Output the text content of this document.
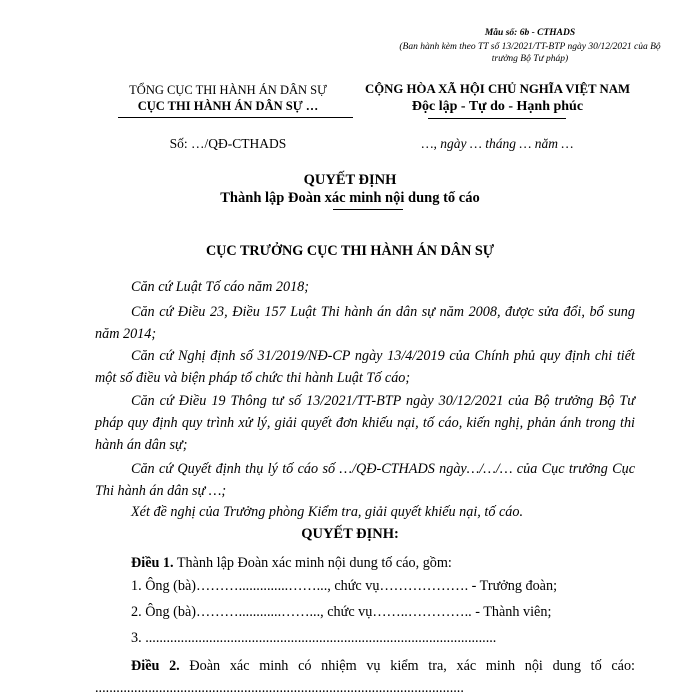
Mẫu số: 6b - CTHADS
(Ban hành kèm theo TT số 13/2021/TT-BTP ngày 30/12/2021 của Bộ trưởng Bộ Tư pháp)
TỔNG CỤC THI HÀNH ÁN DÂN SỰ
CỤC THI HÀNH ÁN DÂN SỰ …
CỘNG HÒA XÃ HỘI CHỦ NGHĨA VIỆT NAM
Độc lập - Tự do - Hạnh phúc
Số: …/QĐ-CTHADS	…, ngày … tháng … năm …
QUYẾT ĐỊNH
Thành lập Đoàn xác minh nội dung tố cáo
CỤC TRƯỞNG CỤC THI HÀNH ÁN DÂN SỰ
Căn cứ Luật Tố cáo năm 2018;
Căn cứ Điều 23, Điều 157 Luật Thi hành án dân sự năm 2008, được sửa đổi, bổ sung năm 2014;
Căn cứ Nghị định số 31/2019/NĐ-CP ngày 13/4/2019 của Chính phủ quy định chi tiết một số điều và biện pháp tổ chức thi hành Luật Tố cáo;
Căn cứ Điều 19 Thông tư số 13/2021/TT-BTP ngày 30/12/2021 của Bộ trưởng Bộ Tư pháp quy định quy trình xử lý, giải quyết đơn khiếu nại, tố cáo, kiến nghị, phản ánh trong thi hành án dân sự;
Căn cứ Quyết định thụ lý tố cáo số …/QĐ-CTHADS ngày…/…/… của Cục trưởng Cục Thi hành án dân sự …;
Xét đề nghị của Trưởng phòng Kiểm tra, giải quyết khiếu nại, tố cáo.
QUYẾT ĐỊNH:
Điều 1. Thành lập Đoàn xác minh nội dung tố cáo, gồm:
1. Ông (bà)………..............……..., chức vụ………………. - Trưởng đoàn;
2. Ông (bà)………............……..., chức vụ……..………….. - Thành viên;
3. ...................................................................................................
Điều 2. Đoàn xác minh có nhiệm vụ kiểm tra, xác minh nội dung tố cáo: ........................................................................................................
